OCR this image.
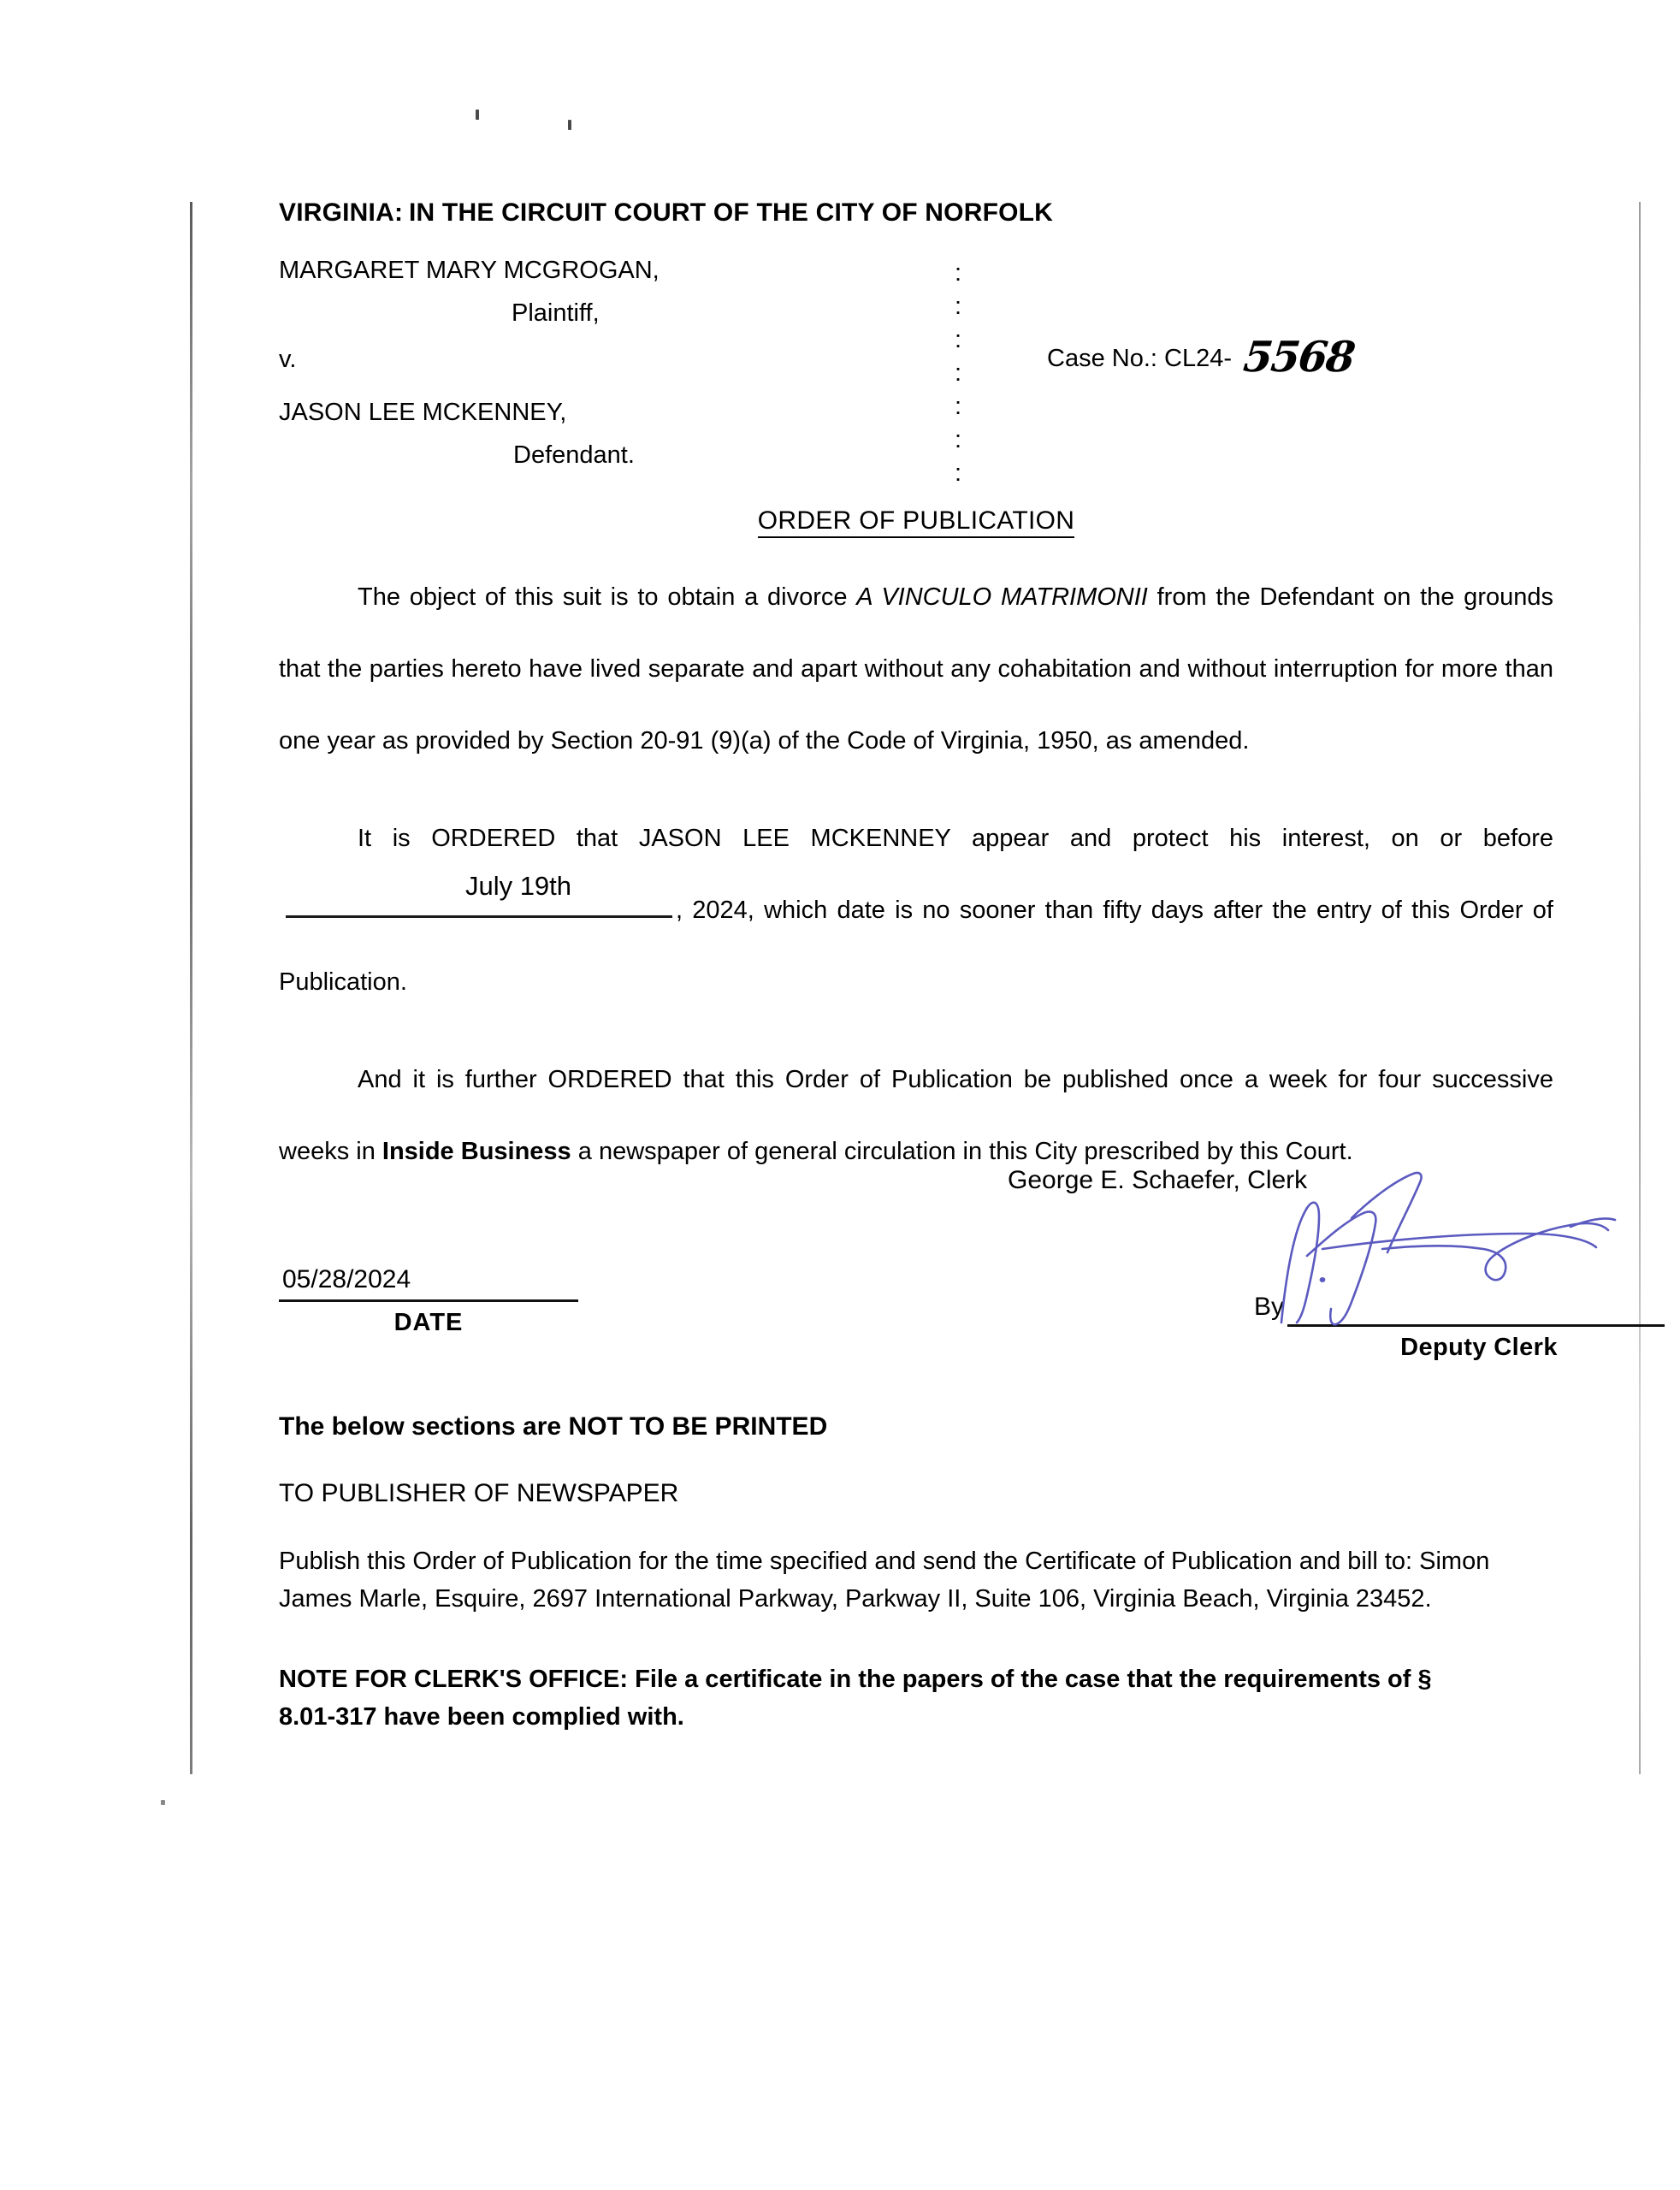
VIRGINIA: IN THE CIRCUIT COURT OF THE CITY OF NORFOLK
MARGARET MARY MCGROGAN,
Plaintiff,
v.
JASON LEE MCKENNEY,
Defendant.
:
:
:
:
:
:
:
Case No.: CL24- 5568
ORDER OF PUBLICATION

The object of this suit is to obtain a divorce A VINCULO MATRIMONII from the Defendant on the grounds that the parties hereto have lived separate and apart without any cohabitation and without interruption for more than one year as provided by Section 20-91 (9)(a) of the Code of Virginia, 1950, as amended.

It is ORDERED that JASON LEE MCKENNEY appear and protect his interest, on or before
July 19th
, 2024, which date is no sooner than fifty days after the entry of this Order of Publication.

And it is further ORDERED that this Order of Publication be published once a week for four successive weeks in Inside Business a newspaper of general circulation in this City prescribed by this Court.

George E. Schaefer, Clerk
05/28/2024
DATE
By
Deputy Clerk
The below sections are NOT TO BE PRINTED
TO PUBLISHER OF NEWSPAPER
Publish this Order of Publication for the time specified and send the Certificate of Publication and bill to: Simon James Marle, Esquire, 2697 International Parkway, Parkway II, Suite 106, Virginia Beach, Virginia 23452.
NOTE FOR CLERK'S OFFICE: File a certificate in the papers of the case that the requirements of § 8.01-317 have been complied with.
